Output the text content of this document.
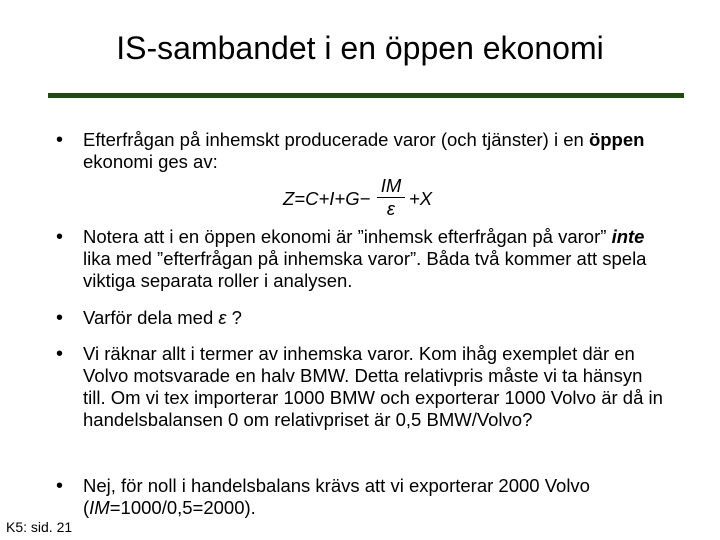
IS-sambandet i en öppen ekonomi
• Efterfrågan på inhemskt producerade varor (och tjänster) i en öppen ekonomi ges av:
Z=C+I+G−
IM
ε +X
• Notera att i en öppen ekonomi är ”inhemsk efterfrågan på varor” inte lika med ”efterfrågan på inhemska varor”. Båda två kommer att spela viktiga separata roller i analysen.
• Varför dela med ε ?
• Vi räknar allt i termer av inhemska varor. Kom ihåg exemplet där en Volvo motsvarade en halv BMW. Detta relativpris måste vi ta hänsyn till. Om vi tex importerar 1000 BMW och exporterar 1000 Volvo är då in handelsbalansen 0 om relativpriset är 0,5 BMW/Volvo?
• Nej, för noll i handelsbalans krävs att vi exporterar 2000 Volvo (IM=1000/0,5=2000).
K5: sid. 21
